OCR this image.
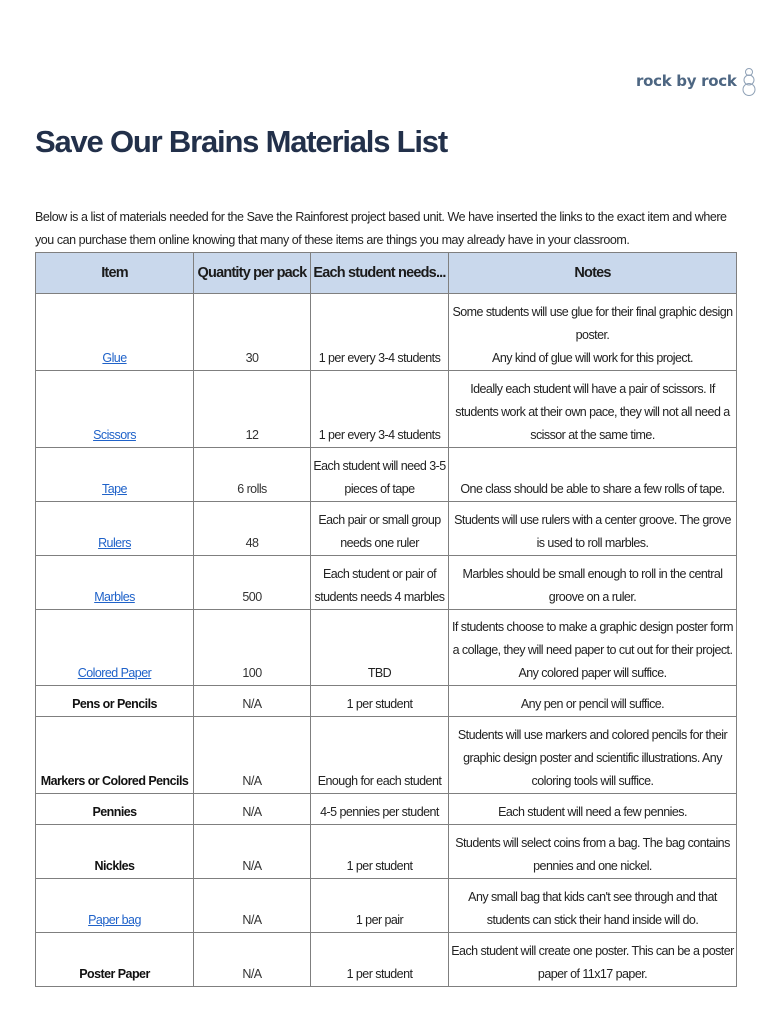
rock by rock
Save Our Brains Materials List

Below is a list of materials needed for the Save the Rainforest project based unit. We have inserted the links to the exact item and where you can purchase them online knowing that many of these items are things you may already have in your classroom.

Item	Quantity per pack	Each student needs...	Notes
Glue	30	1 per every 3-4 students	Some students will use glue for their final graphic design poster.
Any kind of glue will work for this project.
Scissors	12	1 per every 3-4 students	Ideally each student will have a pair of scissors. If students work at their own pace, they will not all need a scissor at the same time.
Tape	6 rolls	Each student will need 3-5 pieces of tape	One class should be able to share a few rolls of tape.
Rulers	48	Each pair or small group needs one ruler	Students will use rulers with a center groove. The grove is used to roll marbles.
Marbles	500	Each student or pair of students needs 4 marbles	Marbles should be small enough to roll in the central groove on a ruler.
Colored Paper	100	TBD	If students choose to make a graphic design poster form a collage, they will need paper to cut out for their project. Any colored paper will suffice.
Pens or Pencils	N/A	1 per student	Any pen or pencil will suffice.
Markers or Colored Pencils	N/A	Enough for each student	Students will use markers and colored pencils for their graphic design poster and scientific illustrations. Any coloring tools will suffice.
Pennies	N/A	4-5 pennies per student	Each student will need a few pennies.
Nickles	N/A	1 per student	Students will select coins from a bag. The bag contains pennies and one nickel.
Paper bag	N/A	1 per pair	Any small bag that kids can't see through and that students can stick their hand inside will do.
Poster Paper	N/A	1 per student	Each student will create one poster. This can be a poster paper of 11x17 paper.
